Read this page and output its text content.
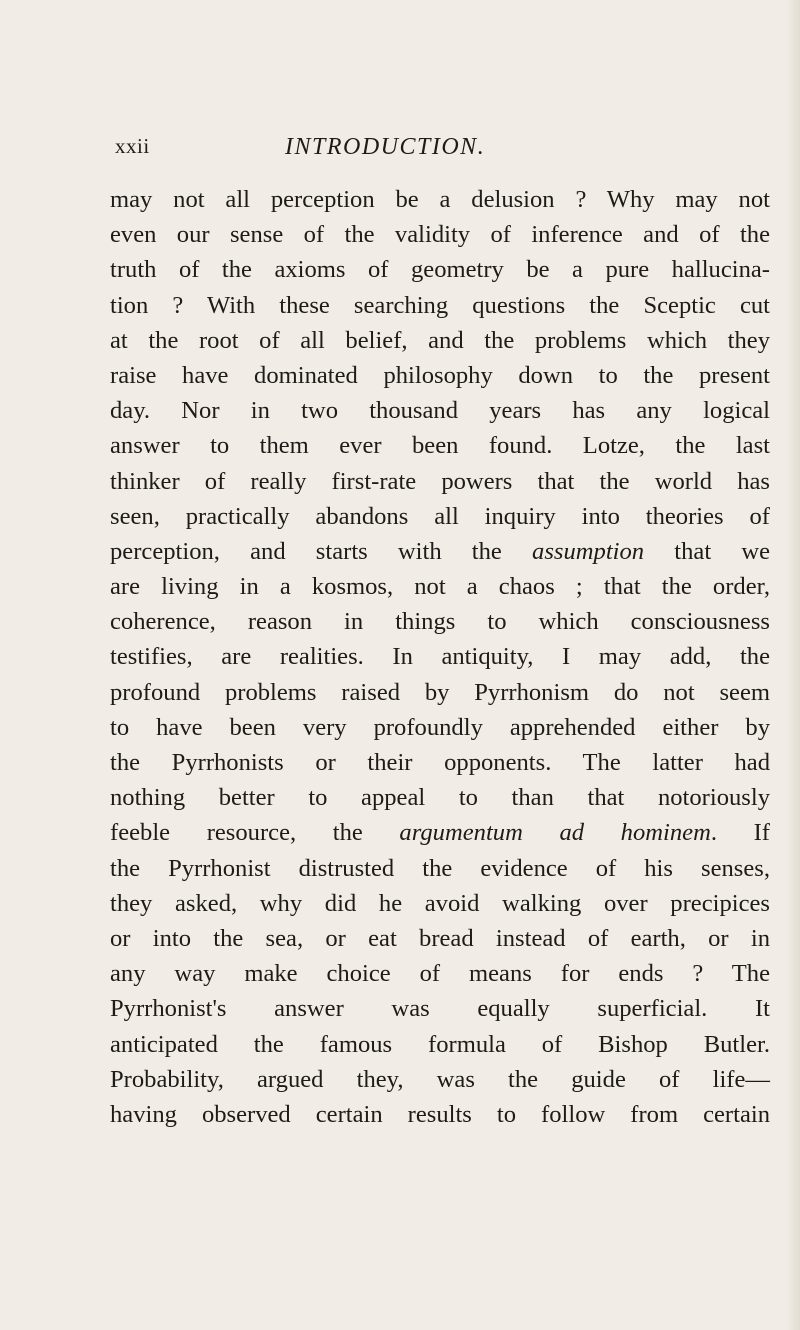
xxii	INTRODUCTION.
may not all perception be a delusion ? Why may not
even our sense of the validity of inference and of the
truth of the axioms of geometry be a pure hallucina-
tion ? With these searching questions the Sceptic cut
at the root of all belief, and the problems which they
raise have dominated philosophy down to the present
day. Nor in two thousand years has any logical
answer to them ever been found. Lotze, the last
thinker of really first-rate powers that the world has
seen, practically abandons all inquiry into theories of
perception, and starts with the assumption that we
are living in a kosmos, not a chaos ; that the order,
coherence, reason in things to which consciousness
testifies, are realities. In antiquity, I may add, the
profound problems raised by Pyrrhonism do not seem
to have been very profoundly apprehended either by
the Pyrrhonists or their opponents. The latter had
nothing better to appeal to than that notoriously
feeble resource, the argumentum ad hominem. If
the Pyrrhonist distrusted the evidence of his senses,
they asked, why did he avoid walking over precipices
or into the sea, or eat bread instead of earth, or in
any way make choice of means for ends ? The
Pyrrhonist's answer was equally superficial. It
anticipated the famous formula of Bishop Butler.
Probability, argued they, was the guide of life—
having observed certain results to follow from certain
